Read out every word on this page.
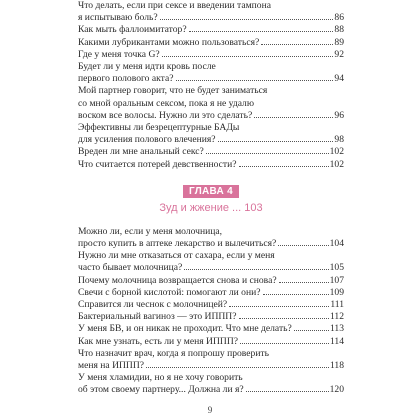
Что делать, если при сексе и введении тампона
я испытываю боль?	86
Как мыть фаллоимитатор?	88
Какими лубрикантами можно пользоваться?	89
Где у меня точка G?	92
Будет ли у меня идти кровь после
первого полового акта?	94
Мой партнер говорит, что не будет заниматься
со мной оральным сексом, пока я не удалю
воском все волосы. Нужно ли это сделать?	96
Эффективны ли безрецептурные БАДы
для усиления полового влечения?	98
Вреден ли мне анальный секс?	102
Что считается потерей девственности?	102
ГЛАВА 4
Зуд и жжение ... 103
Можно ли, если у меня молочница,
просто купить в аптеке лекарство и вылечиться?	104
Нужно ли мне отказаться от сахара, если у меня
часто бывает молочница?	105
Почему молочница возвращается снова и снова?	107
Свечи с борной кислотой: помогают ли они?	109
Справится ли чеснок с молочницей?	111
Бактериальный вагиноз — это ИППП?	112
У меня БВ, и он никак не проходит. Что мне делать?	113
Как мне узнать, есть ли у меня ИППП?	114
Что назначит врач, когда я попрошу проверить
меня на ИППП?	118
У меня хламидии, но я не хочу говорить
об этом своему партнеру... Должна ли я?	120
9
